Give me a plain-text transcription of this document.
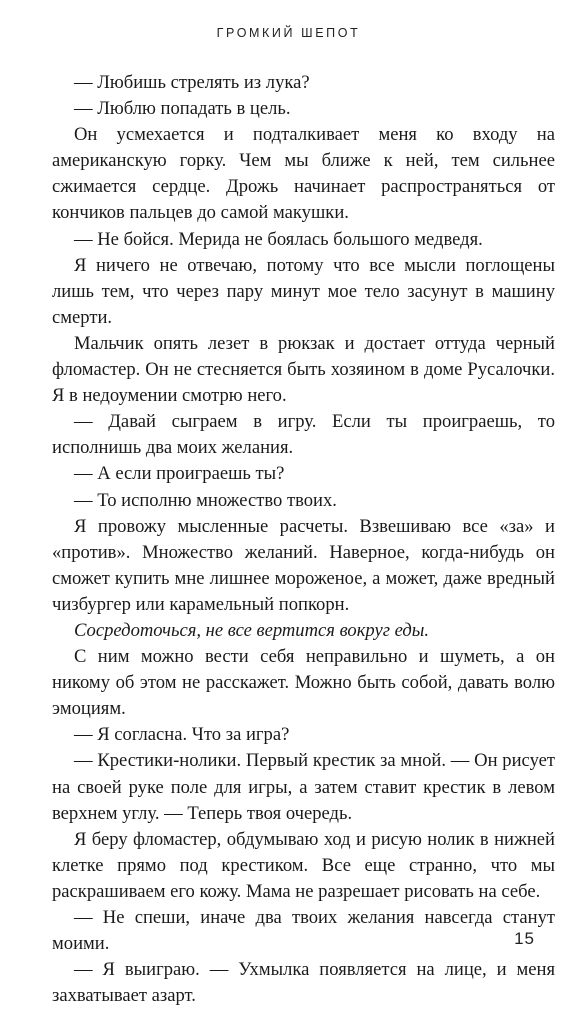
ГРОМКИЙ ШЕПОТ

— Любишь стрелять из лука?

— Люблю попадать в цель.

Он усмехается и подталкивает меня ко входу на американскую горку. Чем мы ближе к ней, тем сильнее сжимается сердце. Дрожь начинает распространяться от кончиков пальцев до самой макушки.

— Не бойся. Мерида не боялась большого медведя.

Я ничего не отвечаю, потому что все мысли поглощены лишь тем, что через пару минут мое тело засунут в машину смерти.

Мальчик опять лезет в рюкзак и достает оттуда черный фломастер. Он не стесняется быть хозяином в доме Русалочки. Я в недоумении смотрю него.

— Давай сыграем в игру. Если ты проиграешь, то исполнишь два моих желания.

— А если проиграешь ты?

— То исполню множество твоих.

Я провожу мысленные расчеты. Взвешиваю все «за» и «против». Множество желаний. Наверное, когда-нибудь он сможет купить мне лишнее мороженое, а может, даже вредный чизбургер или карамельный попкорн.

Сосредоточься, не все вертится вокруг еды.

С ним можно вести себя неправильно и шуметь, а он никому об этом не расскажет. Можно быть собой, давать волю эмоциям.

— Я согласна. Что за игра?

— Крестики-нолики. Первый крестик за мной. — Он рисует на своей руке поле для игры, а затем ставит крестик в левом верхнем углу. — Теперь твоя очередь.

Я беру фломастер, обдумываю ход и рисую нолик в нижней клетке прямо под крестиком. Все еще странно, что мы раскрашиваем его кожу. Мама не разрешает рисовать на себе.

— Не спеши, иначе два твоих желания навсегда станут моими.

— Я выиграю. — Ухмылка появляется на лице, и меня захватывает азарт.

15
